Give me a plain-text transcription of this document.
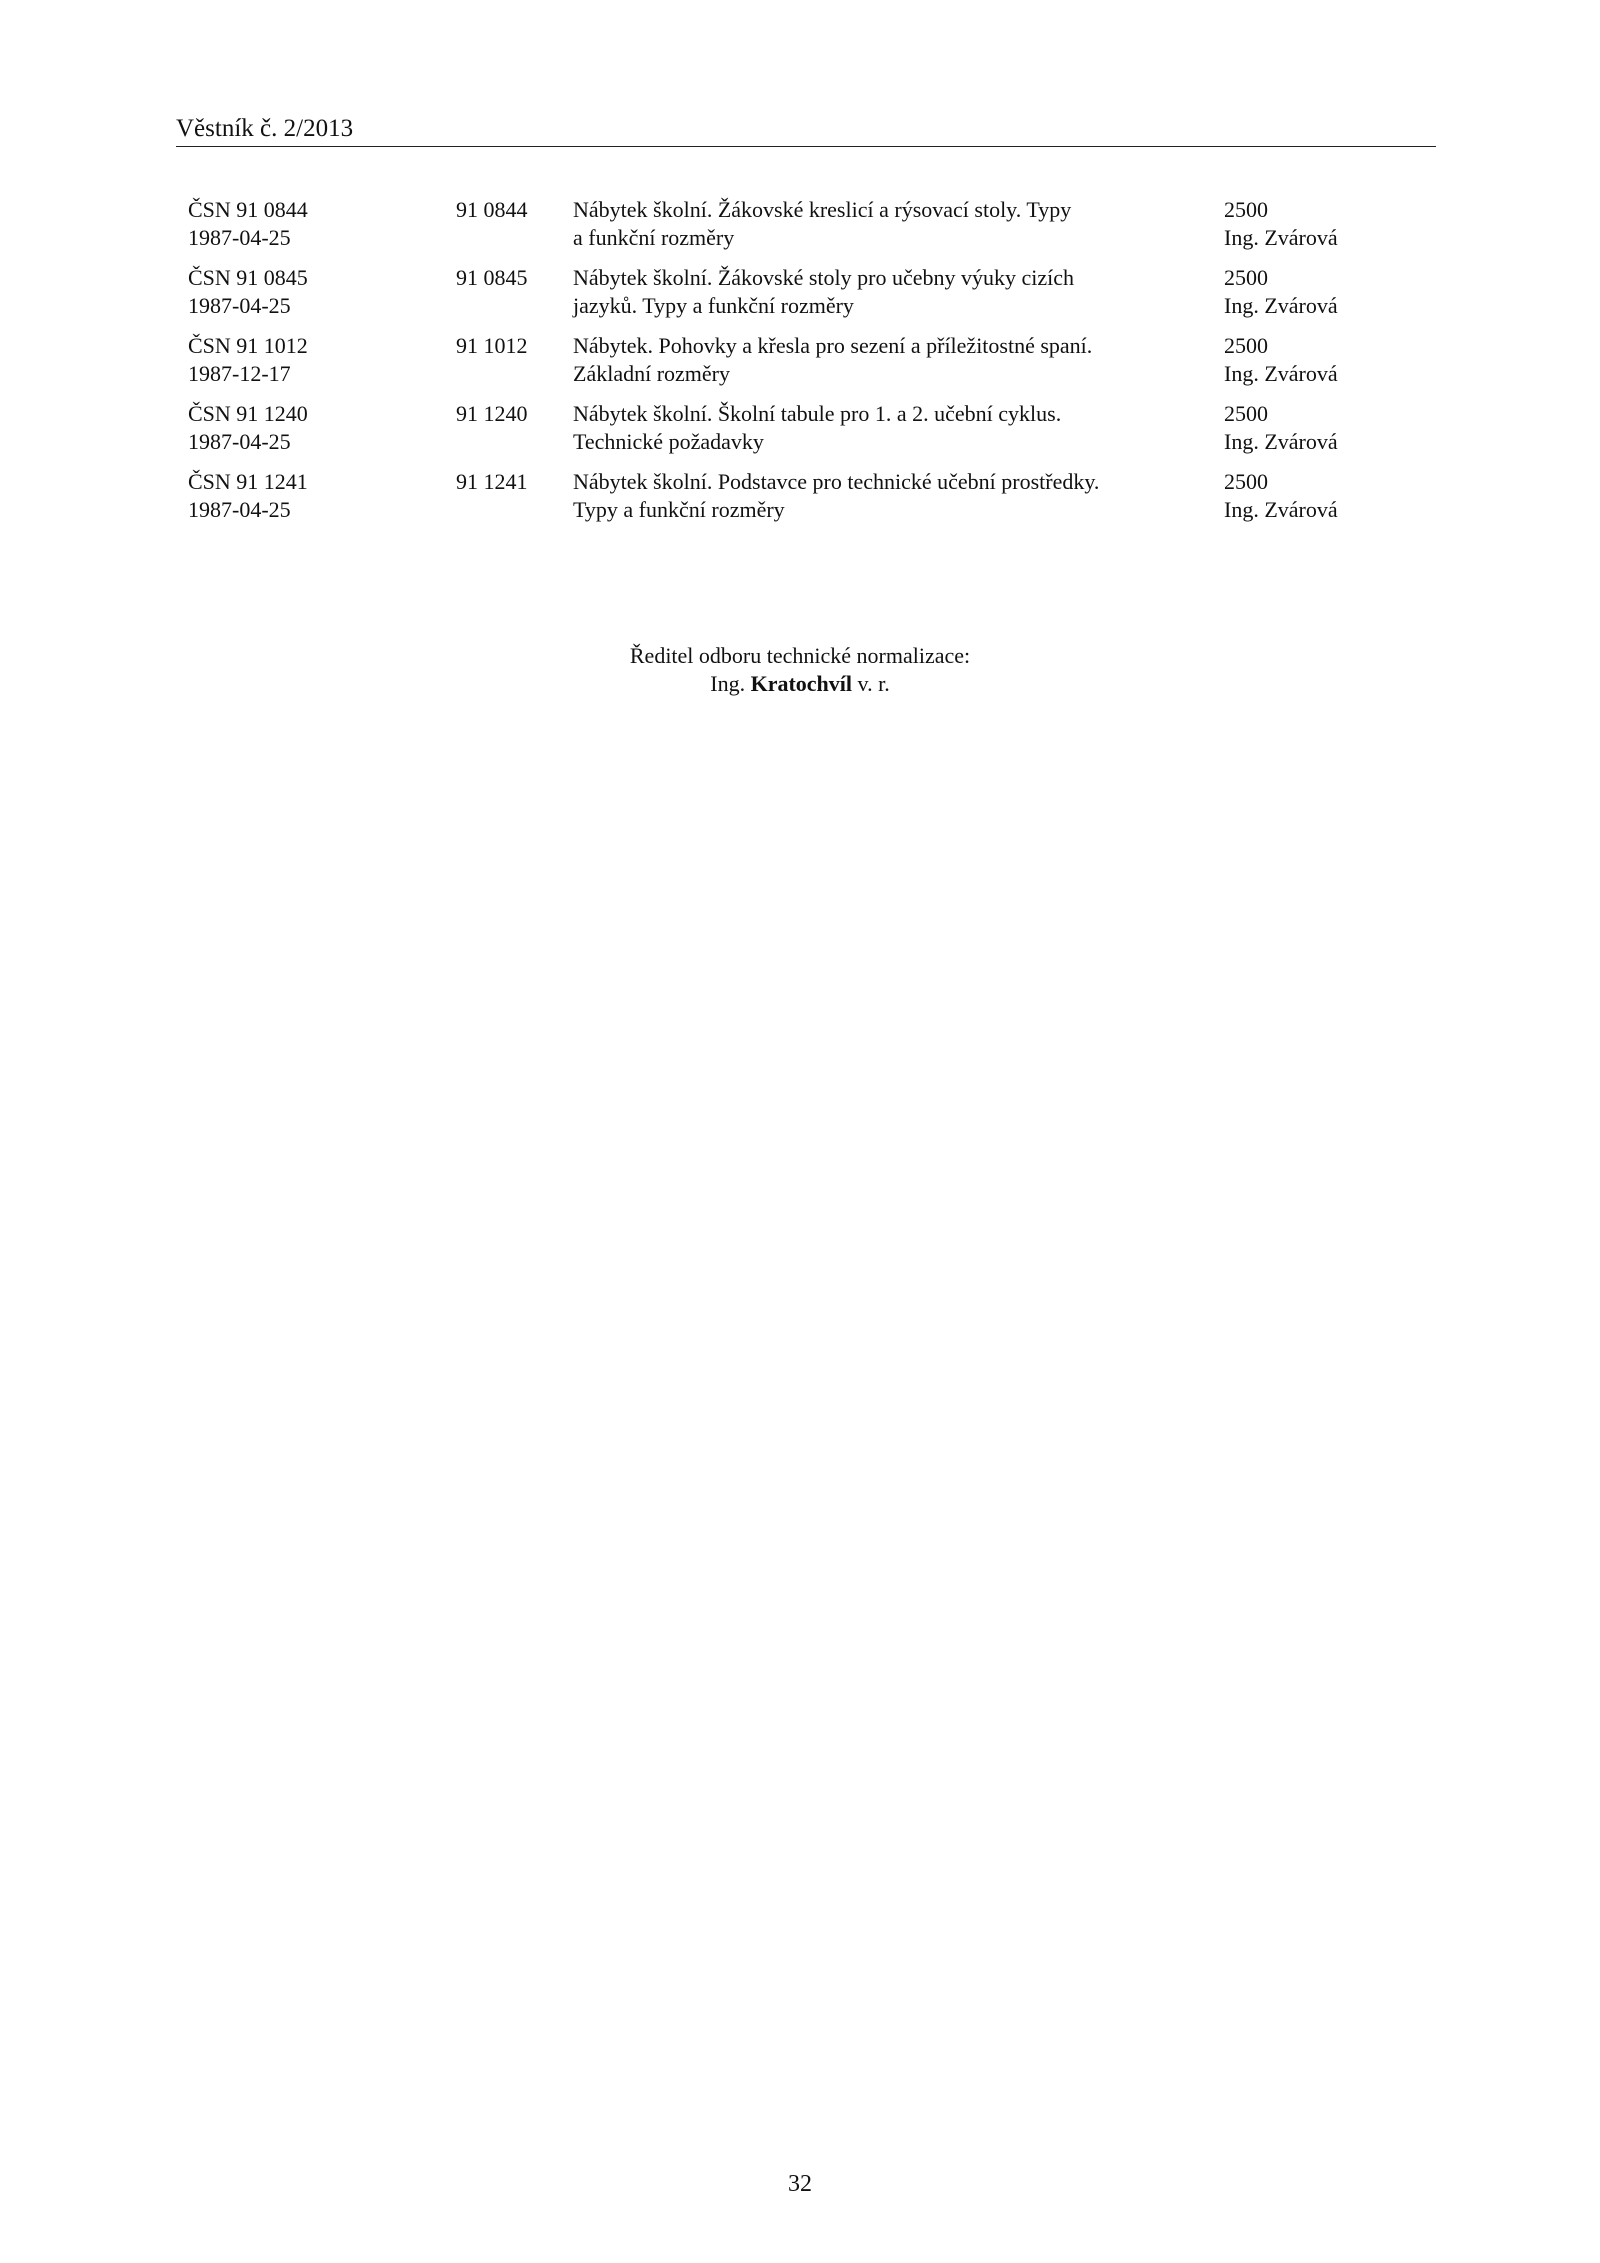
Věstník č. 2/2013
ČSN 91 0844
1987-04-25
91 0844 Nábytek školní. Žákovské kreslicí a rýsovací stoly. Typy
a funkční rozměry
2500
Ing. Zvárová
ČSN 91 0845
1987-04-25
91 0845 Nábytek školní. Žákovské stoly pro učebny výuky cizích
jazyků. Typy a funkční rozměry
2500
Ing. Zvárová
ČSN 91 1012
1987-12-17
91 1012 Nábytek. Pohovky a křesla pro sezení a příležitostné spaní.
Základní rozměry
2500
Ing. Zvárová
ČSN 91 1240
1987-04-25
91 1240 Nábytek školní. Školní tabule pro 1. a 2. učební cyklus.
Technické požadavky
2500
Ing. Zvárová
ČSN 91 1241
1987-04-25
91 1241 Nábytek školní. Podstavce pro technické učební prostředky.
Typy a funkční rozměry
2500
Ing. Zvárová
Ředitel odboru technické normalizace:
Ing. Kratochvíl v. r.
32
